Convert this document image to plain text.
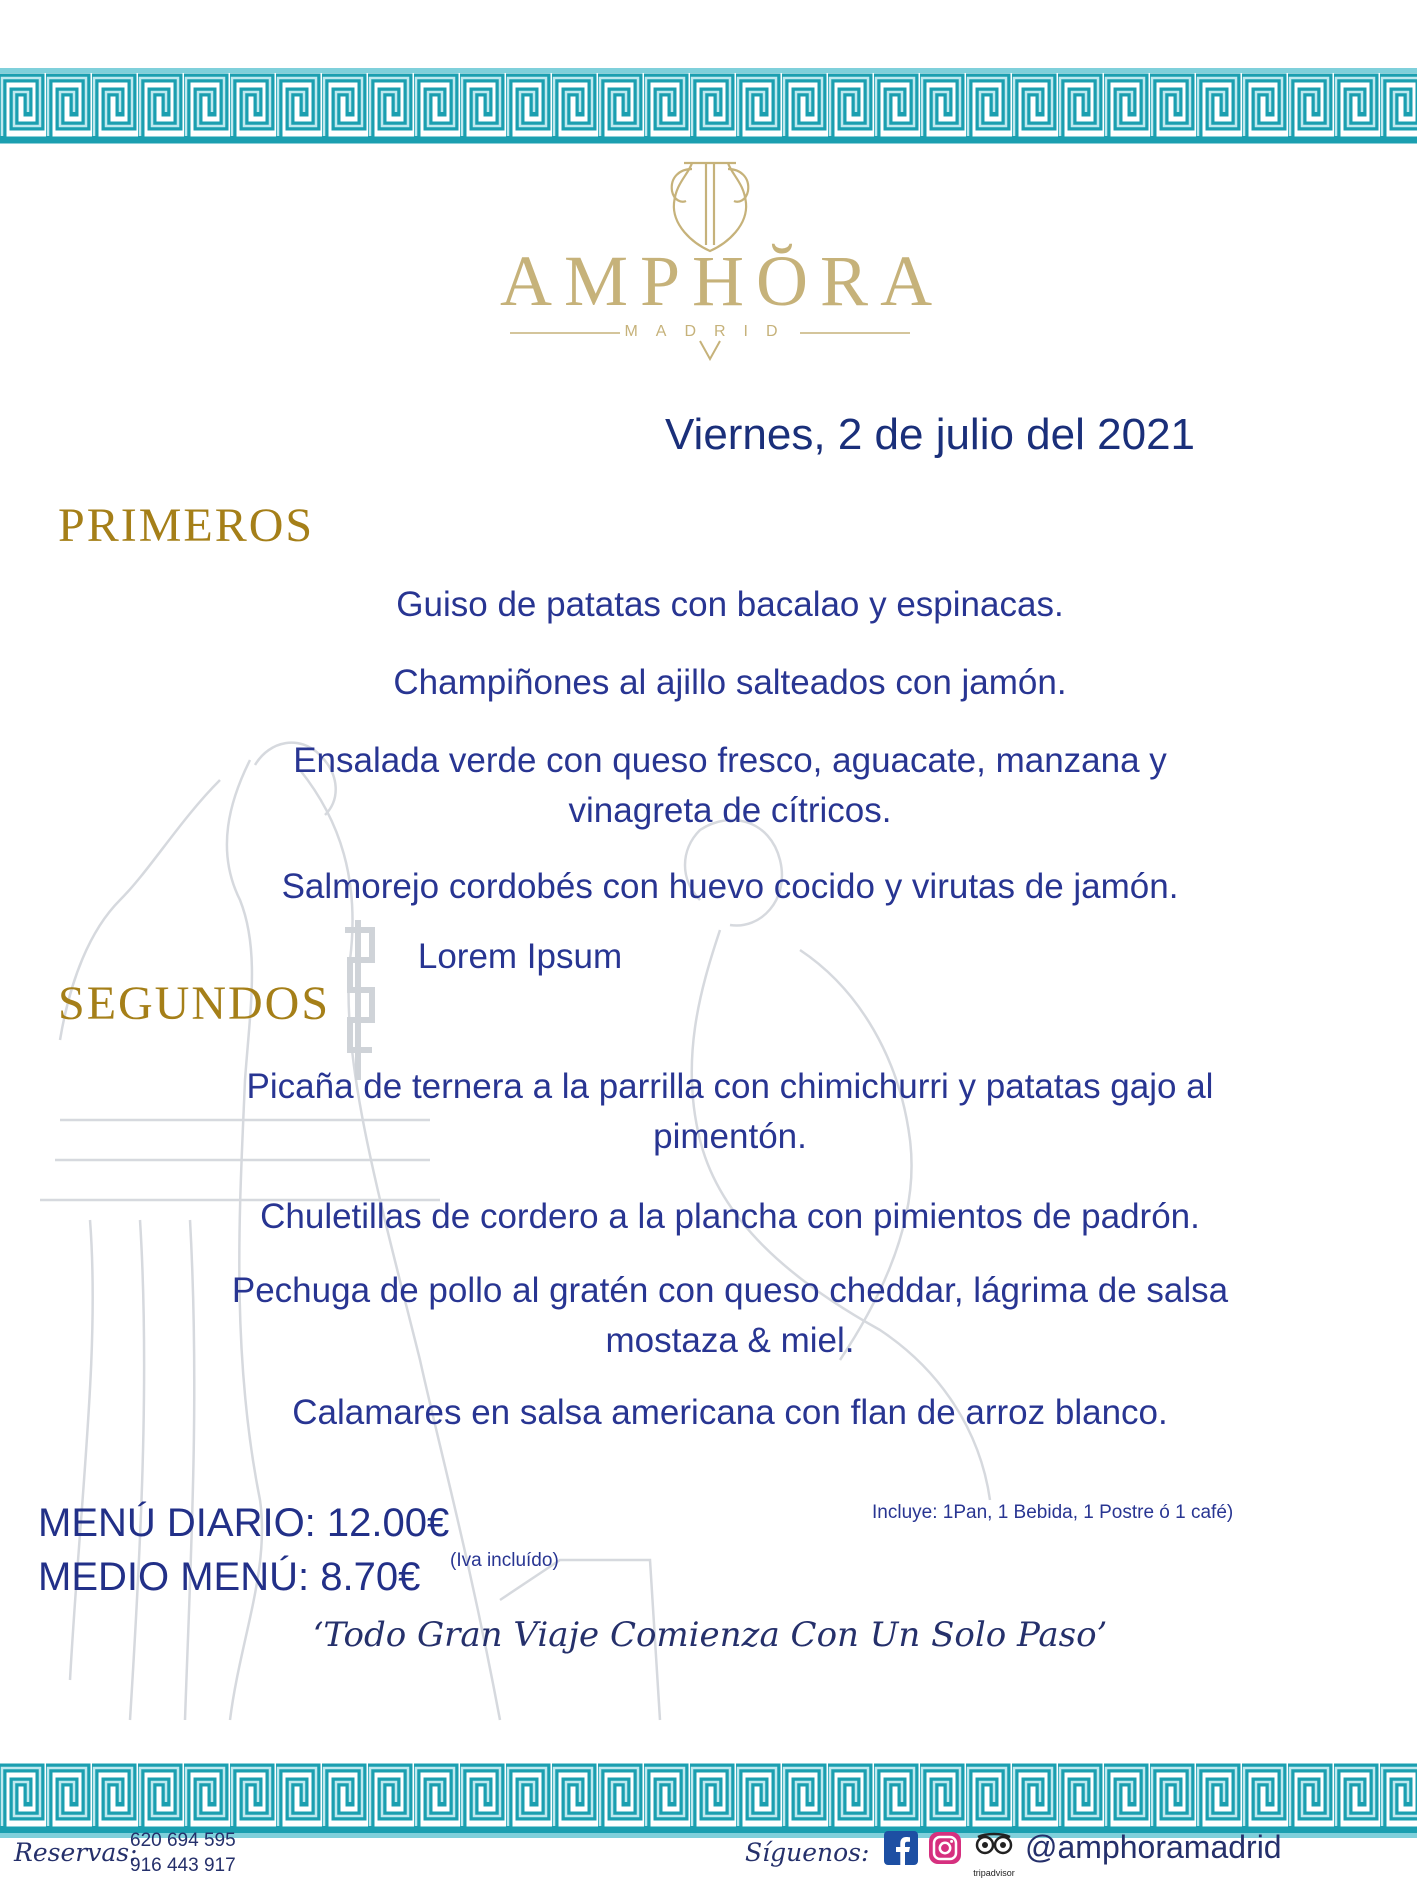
AMPHŎRA
MADRID
Viernes, 2 de julio del 2021
PRIMEROS
Guiso de patatas con bacalao y espinacas.
Champiñones al ajillo salteados con jamón.
Ensalada verde con queso fresco, aguacate, manzana y vinagreta de cítricos.
Salmorejo cordobés con huevo cocido y virutas de jamón.
Lorem Ipsum
SEGUNDOS
Picaña de ternera a la parrilla con chimichurri y patatas gajo al pimentón.
Chuletillas de cordero a la plancha con pimientos de padrón.
Pechuga de pollo al gratén con queso cheddar, lágrima de salsa mostaza & miel.
Calamares en salsa americana con flan de arroz blanco.
MENÚ DIARIO: 12.00€
MEDIO MENÚ: 8.70€ (Iva incluído)
Incluye: 1Pan, 1 Bebida, 1 Postre ó 1 café)
‘Todo Gran Viaje Comienza Con Un Solo Paso’
Reservas:
620 694 595
916 443 917	Síguenos:
tripadvisor
@amphoramadrid
